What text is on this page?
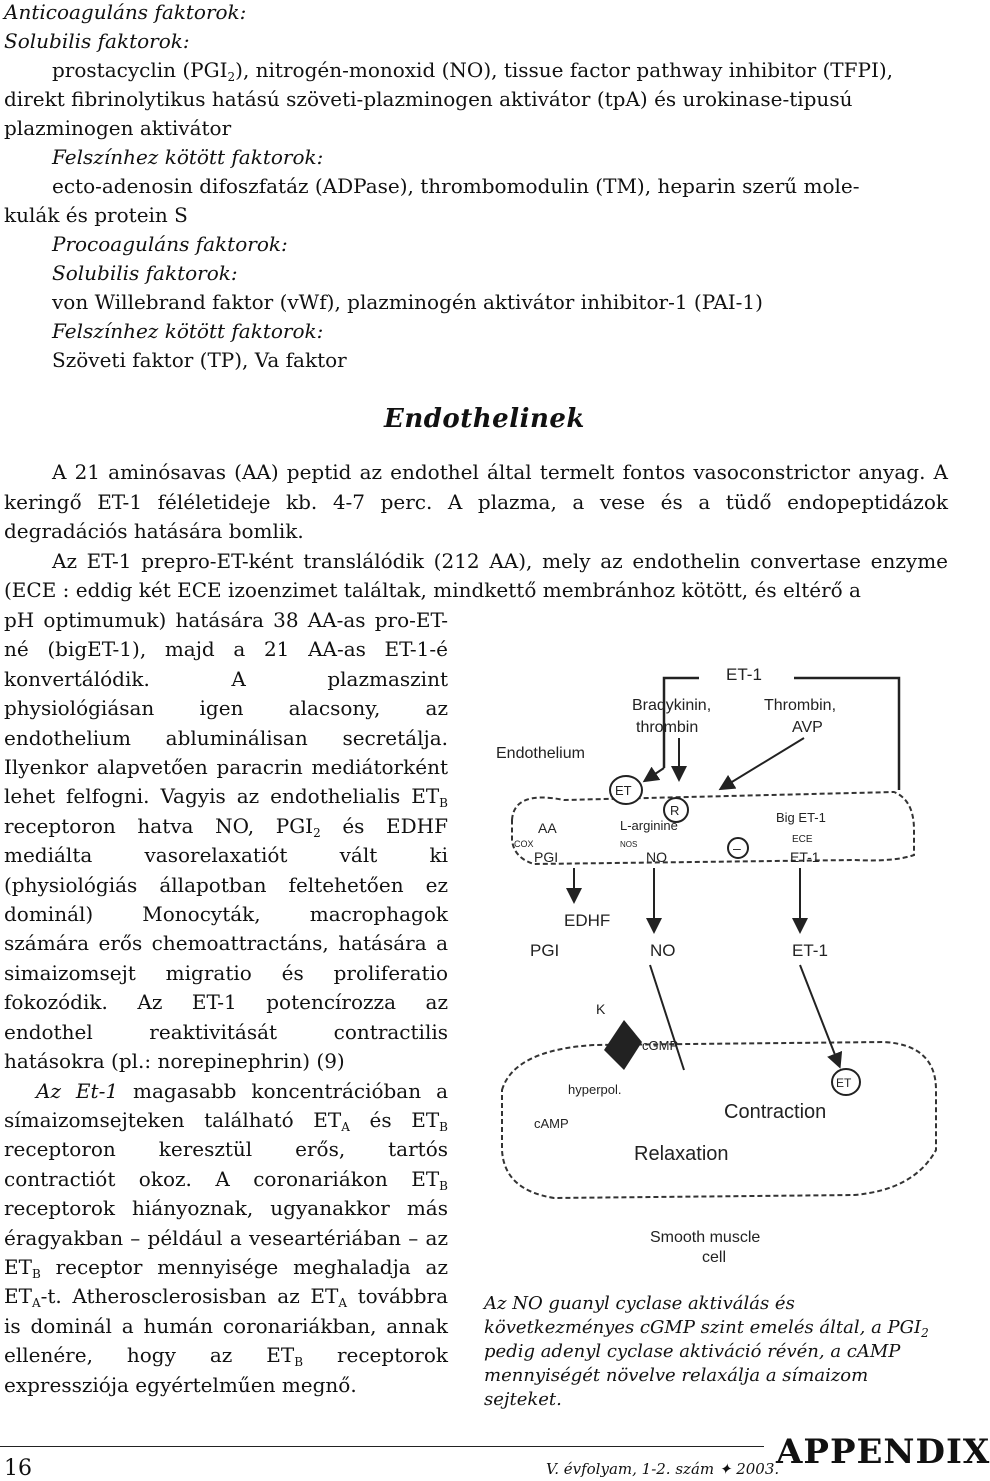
Anticoaguláns faktorok:
Solubilis faktorok:
prostacyclin $(PGI_2)$, nitrogén-monoxid (NO), tissue factor pathway inhibitor (TFPI),
direkt fibrinolytikus hatású szöveti-plazminogen aktivátor (tpA) és urokinase-tipusú
plazminogen aktivátor
Felszínhez kötött faktorok:
ecto-adenosin difoszfatáz (ADPase), thrombomodulin (TM), heparin szerű mole-
kulák és protein S
Procoaguláns faktorok:
Solubilis faktorok:
von Willebrand faktor (vWf), plazminogén aktivátor inhibitor-1 (PAI-1)
Felszínhez kötött faktorok:
Szöveti faktor (TP), Va faktor
Endothelinek

A 21 aminósavas (AA) peptid az endothel által termelt fontos vasoconstrictor anyag. A keringő ET-1 féléletideje kb. 4-7 perc. A plazma, a vese és a tüdő endopeptidázok degradációs hatására bomlik.

Az ET-1 prepro-ET-ként translálódik (212 AA), mely az endothelin convertase enzyme (ECE : eddig két ECE izoenzimet találtak, mindkettő membránhoz kötött, és eltérő a

pH optimumuk) hatására 38 AA-as pro-ET-né (bigET-1), majd a 21 AA-as ET-1-é konvertálódik. A plazmaszint physiológiásan igen alacsony, az endothelium abluminálisan secretálja. Ilyenkor alapvetően paracrin mediátorként lehet felfogni. Vagyis az endothelialis $ET_B$ receptoron hatva NO, $PGI_2$ és EDHF mediálta vasorelaxatiót vált ki (physiológiás állapotban feltehetően ez dominál) Monocyták, macrophagok számára erős chemoattractáns, hatására a simaizomsejt migratio és proliferatio fokozódik. Az ET-1 potencírozza az endothel reaktivitását contractilis hatásokra (pl.: norepinephrin) (9)

Az Et-1 magasabb koncentrációban a símaizomsejteken található $ET_A$ és $ET_B$ receptoron keresztül erős, tartós contractiót okoz. A coronariákon $ET_B$ receptorok hiányoznak, ugyanakkor más éragyakban – például a veseartériában – az $ET_B$ receptor mennyisége meghaladja az $ET_A-t$. Atherosclerosisban az $ET_A$ továbbra is dominál a humán coronariákban, annak ellenére, hogy az $ET_B$ receptorok expressziója egyértelműen megnő.

ET-1
Bradykinin,
thrombin
Thrombin,
AVP
Endothelium
ET
R
AA
COX
PGI
L-arginine
NOS
NO
–
Big ET-1
ECE
ET-1
EDHF
PGI	NO	ET-1
K
cGMP
hyperpol.
cAMP
Contraction
Relaxation
ET
Smooth muscle
cell
Az NO guanyl cyclase aktiválás és következményes cGMP szint emelés által, a $PGI_2$ pedig adenyl cyclase aktiváció révén, a cAMP mennyiségét növelve relaxálja a símaizom sejteket.
16	V. évfolyam, 1-2. szám ✦ 2003.
APPENDIX
